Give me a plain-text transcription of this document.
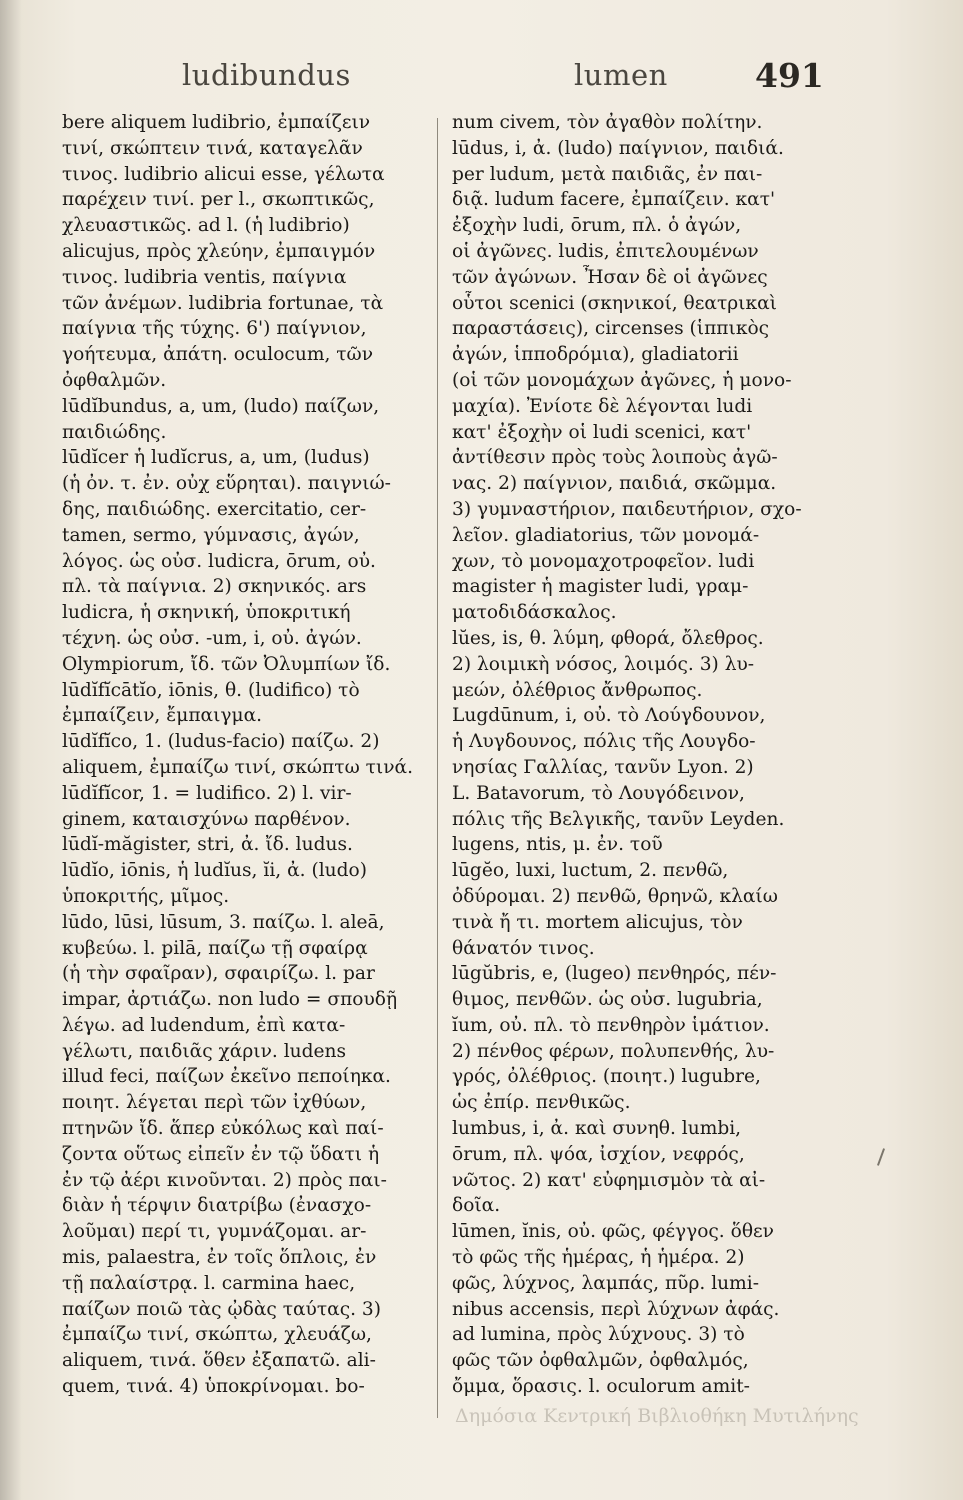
ludibundus	lumen	491
bere aliquem ludibrio, ἐμπαίζειν
τινί, σκώπτειν τινά, καταγελᾶν
τινος. ludibrio alicui esse, γέλωτα
παρέχειν τινί. per l., σκωπτικῶς,
χλευαστικῶς. ad l. (ἡ ludibrio)
alicujus, πρὸς χλεύην, ἐμπαιγμόν
τινος. ludibria ventis, παίγνια
τῶν ἀνέμων. ludibria fortunae, τὰ
παίγνια τῆς τύχης. 6') παίγνιον,
γοήτευμα, ἀπάτη. oculocum, τῶν
ὀφθαλμῶν.
lūdĭbundus, a, um, (ludo) παίζων,
παιδιώδης.
lūdĭcer ἡ ludĭcrus, a, um, (ludus)
(ἡ ὀν. τ. ἐν. οὐχ εὕρηται). παιγνιώ-
δης, παιδιώδης. exercitatio, cer-
tamen, sermo, γύμνασις, ἀγών,
λόγος. ὡς οὐσ. ludicra, ōrum, οὐ.
πλ. τὰ παίγνια. 2) σκηνικός. ars
ludicra, ἡ σκηνική, ὑποκριτική
τέχνη. ὡς οὐσ. -um, i, οὐ. ἀγών.
Olympiorum, ἴδ. τῶν Ὀλυμπίων ἴδ.
lūdĭfĭcātĭo, iōnis, θ. (ludifico) τὸ
ἐμπαίζειν, ἔμπαιγμα.
lūdĭfĭco, 1. (ludus-facio) παίζω. 2)
aliquem, ἐμπαίζω τινί, σκώπτω τινά.
lūdĭfĭcor, 1. = ludifico. 2) l. vir-
ginem, καταισχύνω παρθένον.
lūdĭ-măgister, stri, ἀ. ἴδ. ludus.
lūdĭo, iōnis, ἡ ludĭus, ĭi, ἀ. (ludo)
ὑποκριτής, μῖμος.
lūdo, lūsi, lūsum, 3. παίζω. l. aleā,
κυβεύω. l. pilā, παίζω τῇ σφαίρᾳ
(ἡ τὴν σφαῖραν), σφαιρίζω. l. par
impar, ἀρτιάζω. non ludo = σπουδῇ
λέγω. ad ludendum, ἐπὶ κατα-
γέλωτι, παιδιᾶς χάριν. ludens
illud feci, παίζων ἐκεῖνο πεποίηκα.
ποιητ. λέγεται περὶ τῶν ἰχθύων,
πτηνῶν ἴδ. ἅπερ εὐκόλως καὶ παί-
ζοντα οὕτως εἰπεῖν ἐν τῷ ὕδατι ἡ
ἐν τῷ ἀέρι κινοῦνται. 2) πρὸς παι-
διὰν ἡ τέρψιν διατρίβω (ἐνασχο-
λοῦμαι) περί τι, γυμνάζομαι. ar-
mis, palaestra, ἐν τοῖς ὅπλοις, ἐν
τῇ παλαίστρᾳ. l. carmina haec,
παίζων ποιῶ τὰς ᾠδὰς ταύτας. 3)
ἐμπαίζω τινί, σκώπτω, χλευάζω,
aliquem, τινά. ὅθεν ἐξαπατῶ. ali-
quem, τινά. 4) ὑποκρίνομαι. bo-
num civem, τὸν ἀγαθὸν πολίτην.
lūdus, i, ἀ. (ludo) παίγνιον, παιδιά.
per ludum, μετὰ παιδιᾶς, ἐν παι-
διᾷ. ludum facere, ἐμπαίζειν. κατ'
ἐξοχὴν ludi, ōrum, πλ. ὁ ἀγών,
οἱ ἀγῶνες. ludis, ἐπιτελουμένων
τῶν ἀγώνων. Ἦσαν δὲ οἱ ἀγῶνες
οὗτοι scenici (σκηνικοί, θεατρικαὶ
παραστάσεις), circenses (ἱππικὸς
ἀγών, ἱπποδρόμια), gladiatorii
(οἱ τῶν μονομάχων ἀγῶνες, ἡ μονο-
μαχία). Ἐνίοτε δὲ λέγονται ludi
κατ' ἐξοχὴν οἱ ludi scenici, κατ'
ἀντίθεσιν πρὸς τοὺς λοιποὺς ἀγῶ-
νας. 2) παίγνιον, παιδιά, σκῶμμα.
3) γυμναστήριον, παιδευτήριον, σχο-
λεῖον. gladiatorius, τῶν μονομά-
χων, τὸ μονομαχοτροφεῖον. ludi
magister ἡ magister ludi, γραμ-
ματοδιδάσκαλος.
lŭes, is, θ. λύμη, φθορά, ὄλεθρος.
2) λοιμικὴ νόσος, λοιμός. 3) λυ-
μεών, ὀλέθριος ἄνθρωπος.
Lugdūnum, i, οὐ. τὸ Λούγδουνον,
ἡ Λυγδουνος, πόλις τῆς Λουγδο-
νησίας Γαλλίας, τανῦν Lyon. 2)
L. Batavorum, τὸ Λουγόδεινον,
πόλις τῆς Βελγικῆς, τανῦν Leyden.
lugens, ntis, μ. ἐν. τοῦ
lūgĕo, luxi, luctum, 2. πενθῶ,
ὀδύρομαι. 2) πενθῶ, θρηνῶ, κλαίω
τινὰ ἤ τι. mortem alicujus, τὸν
θάνατόν τινος.
lūgŭbris, e, (lugeo) πενθηρός, πέν-
θιμος, πενθῶν. ὡς οὐσ. lugubria,
ĭum, οὐ. πλ. τὸ πενθηρὸν ἱμάτιον.
2) πένθος φέρων, πολυπενθής, λυ-
γρός, ὀλέθριος. (ποιητ.) lugubre,
ὡς ἐπίρ. πενθικῶς.
lumbus, i, ἀ. καὶ συνηθ. lumbi,
ōrum, πλ. ψόα, ἰσχίον, νεφρός,
νῶτος. 2) κατ' εὐφημισμὸν τὰ αἰ-
δοῖα.
lūmen, ĭnis, οὐ. φῶς, φέγγος. ὅθεν
τὸ φῶς τῆς ἡμέρας, ἡ ἡμέρα. 2)
φῶς, λύχνος, λαμπάς, πῦρ. lumi-
nibus accensis, περὶ λύχνων ἀφάς.
ad lumina, πρὸς λύχνους. 3) τὸ
φῶς τῶν ὀφθαλμῶν, ὀφθαλμός,
ὄμμα, ὅρασις. l. oculorum amit-
Δημόσια Κεντρική Βιβλιοθήκη Μυτιλήνης
